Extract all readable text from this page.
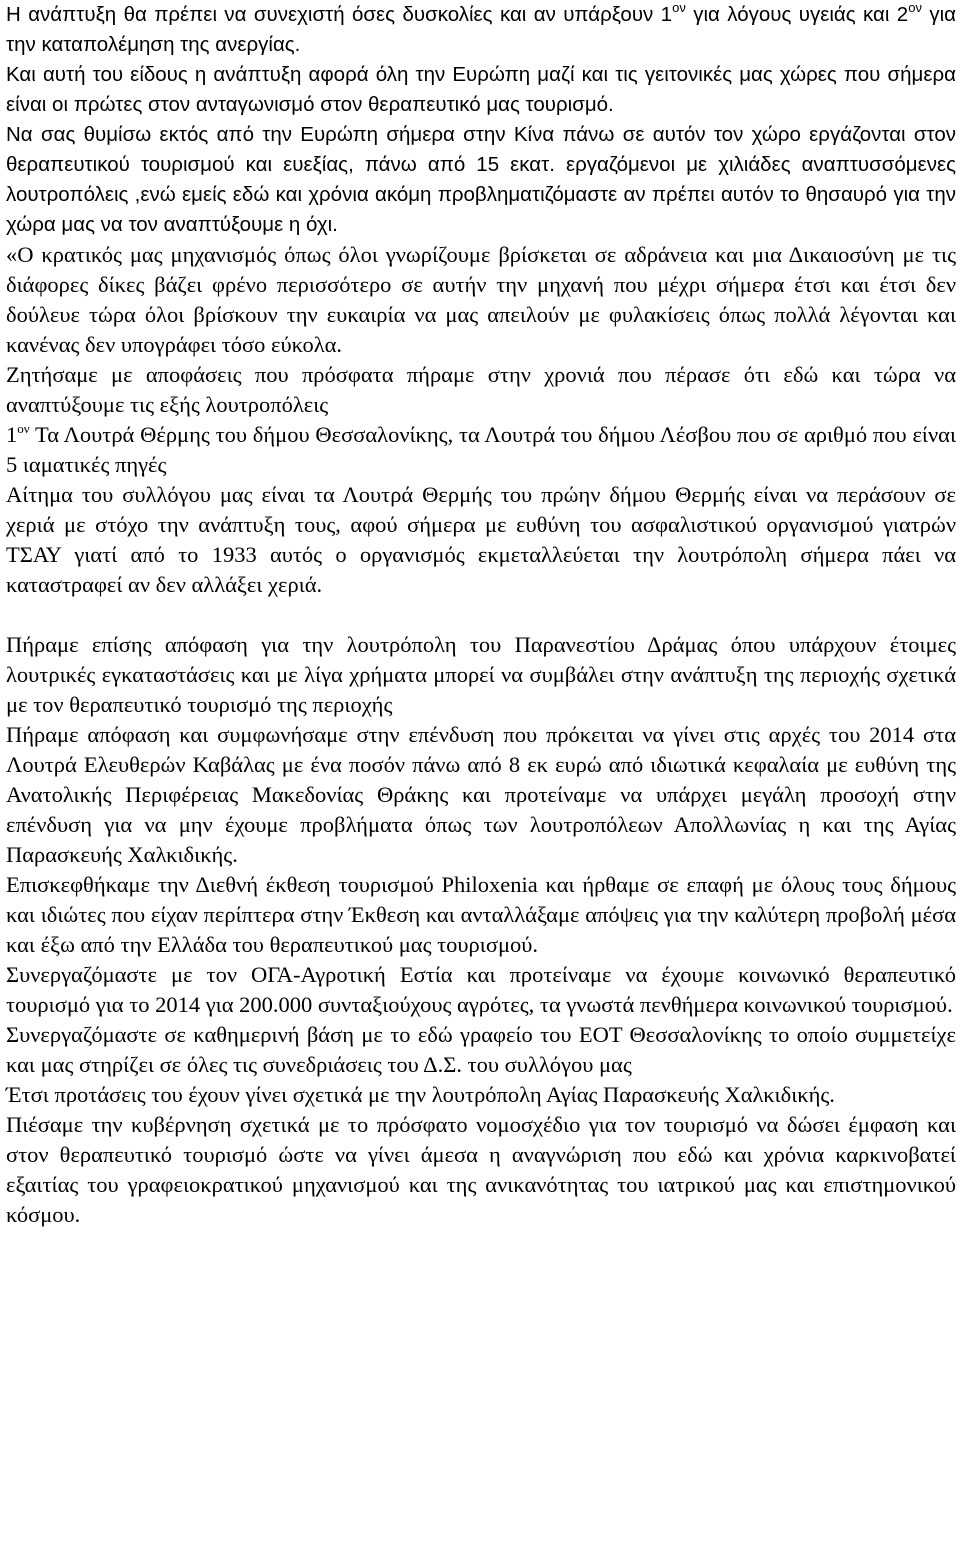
Η ανάπτυξη θα πρέπει να συνεχιστή όσες δυσκολίες και αν υπάρξουν $1^{o\nu}$ για λόγους υγειάς και $2^{o\nu}$ για την καταπολέμηση της ανεργίας.

Και αυτή του είδους η ανάπτυξη αφορά όλη την Ευρώπη μαζί και τις γειτονικές μας χώρες που σήμερα είναι οι πρώτες στον ανταγωνισμό στον θεραπευτικό μας τουρισμό.

Να σας θυμίσω εκτός από την Ευρώπη σήμερα στην Κίνα πάνω σε αυτόν τον χώρο εργάζονται στον θεραπευτικού τουρισμού και ευεξίας, πάνω από 15 εκατ. εργαζόμενοι με χιλιάδες αναπτυσσόμενες λουτροπόλεις ,ενώ εμείς εδώ και χρόνια ακόμη προβληματιζόμαστε αν πρέπει αυτόν το θησαυρό για την χώρα μας να τον αναπτύξουμε η όχι.

«Ο κρατικός μας μηχανισμός όπως όλοι γνωρίζουμε βρίσκεται σε αδράνεια και μια Δικαιοσύνη με τις διάφορες δίκες βάζει φρένο περισσότερο σε αυτήν την μηχανή που μέχρι σήμερα έτσι και έτσι δεν δούλευε τώρα όλοι βρίσκουν την ευκαιρία να μας απειλούν με φυλακίσεις όπως πολλά λέγονται και κανένας δεν υπογράφει τόσο εύκολα.

Ζητήσαμε με αποφάσεις που πρόσφατα πήραμε στην χρονιά που πέρασε ότι εδώ και τώρα να αναπτύξουμε τις εξής λουτροπόλεις

$1^{o\nu}$ Τα Λουτρά Θέρμης του δήμου Θεσσαλονίκης, τα Λουτρά του δήμου Λέσβου που σε αριθμό που είναι 5 ιαματικές πηγές

Αίτημα του συλλόγου μας είναι τα Λουτρά Θερμής του πρώην δήμου Θερμής είναι να περάσουν σε χεριά με στόχο την ανάπτυξη τους, αφού σήμερα με ευθύνη του ασφαλιστικού οργανισμού γιατρών ΤΣΑΥ γιατί από το 1933 αυτός ο οργανισμός εκμεταλλεύεται την λουτρόπολη σήμερα πάει να καταστραφεί αν δεν αλλάξει χεριά.

Πήραμε επίσης απόφαση για την λουτρόπολη του Παρανεστίου Δράμας όπου υπάρχουν έτοιμες λουτρικές εγκαταστάσεις και με λίγα χρήματα μπορεί να συμβάλει στην ανάπτυξη της περιοχής σχετικά με τον θεραπευτικό τουρισμό της περιοχής

Πήραμε απόφαση και συμφωνήσαμε στην επένδυση που πρόκειται να γίνει στις αρχές του 2014 στα Λουτρά Ελευθερών Καβάλας με ένα ποσόν πάνω από 8 εκ ευρώ από ιδιωτικά κεφαλαία με ευθύνη της Ανατολικής Περιφέρειας Μακεδονίας Θράκης και προτείναμε να υπάρχει μεγάλη προσοχή στην επένδυση για να μην έχουμε προβλήματα όπως των λουτροπόλεων Απολλωνίας η και της Αγίας Παρασκευής Χαλκιδικής.

Επισκεφθήκαμε την Διεθνή έκθεση τουρισμού Philoxenia και ήρθαμε σε επαφή με όλους τους δήμους και ιδιώτες που είχαν περίπτερα στην Έκθεση και ανταλλάξαμε απόψεις για την καλύτερη προβολή μέσα και έξω από την Ελλάδα του θεραπευτικού μας τουρισμού.

Συνεργαζόμαστε με τον ΟΓΑ-Αγροτική Εστία και προτείναμε να έχουμε κοινωνικό θεραπευτικό τουρισμό για το 2014 για 200.000 συνταξιούχους αγρότες, τα γνωστά πενθήμερα κοινωνικού τουρισμού.

Συνεργαζόμαστε σε καθημερινή βάση με το εδώ γραφείο του ΕΟΤ Θεσσαλονίκης το οποίο συμμετείχε και μας στηρίζει σε όλες τις συνεδριάσεις του Δ.Σ. του συλλόγου μας

Έτσι προτάσεις του έχουν γίνει σχετικά με την λουτρόπολη Αγίας Παρασκευής Χαλκιδικής.

Πιέσαμε την κυβέρνηση σχετικά με το πρόσφατο νομοσχέδιο για τον τουρισμό να δώσει έμφαση και στον θεραπευτικό τουρισμό ώστε να γίνει άμεσα η αναγνώριση που εδώ και χρόνια καρκινοβατεί εξαιτίας του γραφειοκρατικού μηχανισμού και της ανικανότητας του ιατρικού μας και επιστημονικού κόσμου.
